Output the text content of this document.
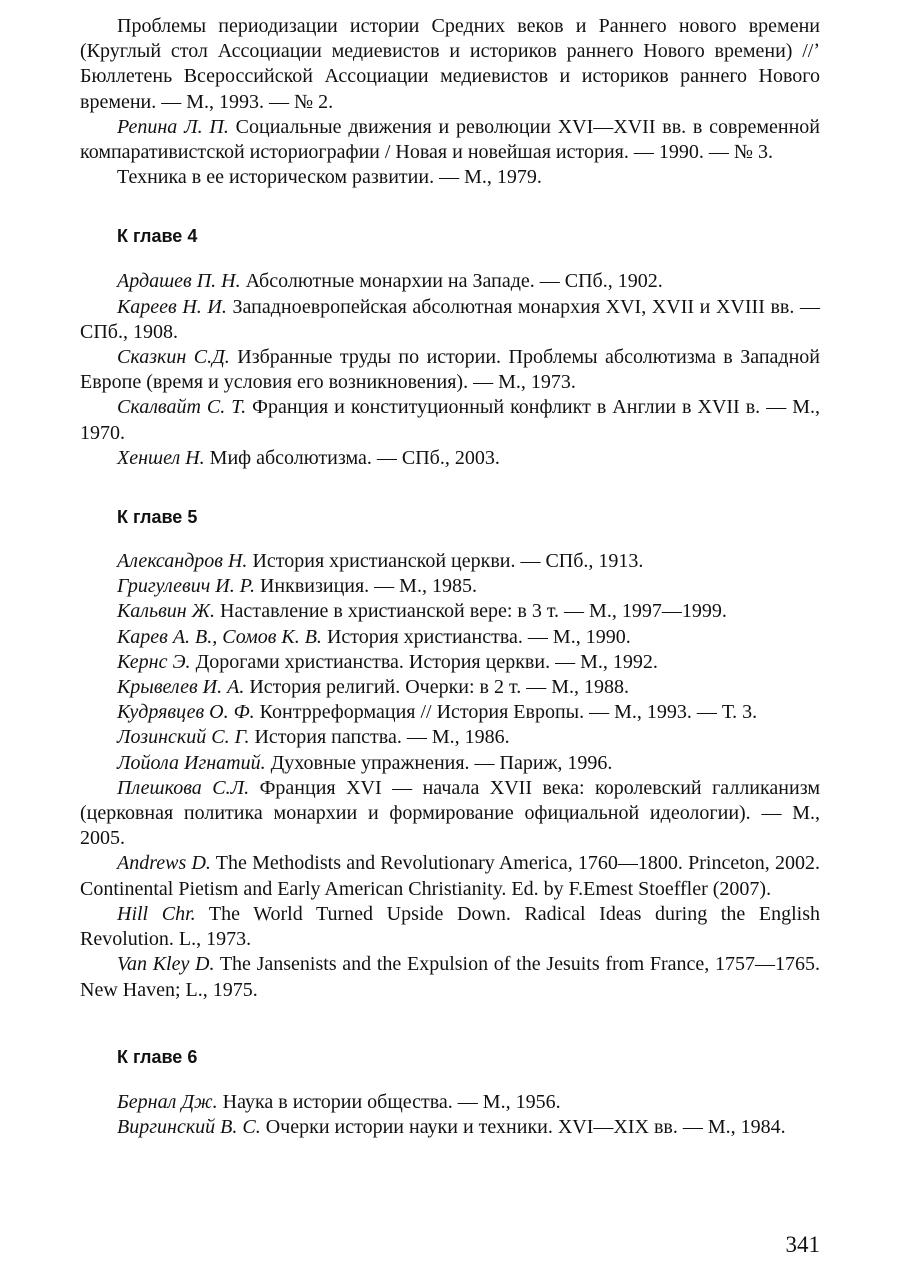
Проблемы периодизации истории Средних веков и Раннего нового времени (Круглый стол Ассоциации медиевистов и историков раннего Нового времени) //ʼ Бюллетень Всероссийской Ассоциации медиевистов и историков раннего Нового времени. — М., 1993. — № 2.

Репина Л. П. Социальные движения и революции XVI—XVII вв. в современной компаративистской историографии / Новая и новейшая история. — 1990. — № 3.

Техника в ее историческом развитии. — М., 1979.

К главе 4

Ардашев П. Н. Абсолютные монархии на Западе. — СПб., 1902.

Кареев Н. И. Западноевропейская абсолютная монархия XVI, XVII и XVIII вв. — СПб., 1908.

Сказкин С.Д. Избранные труды по истории. Проблемы абсолютизма в Западной Европе (время и условия его возникновения). — М., 1973.

Скалвайт С. Т. Франция и конституционный конфликт в Англии в XVII в. — М., 1970.

Хеншел Н. Миф абсолютизма. — СПб., 2003.

К главе 5

Александров Н. История христианской церкви. — СПб., 1913.

Григулевич И. Р. Инквизиция. — М., 1985.

Кальвин Ж. Наставление в христианской вере: в 3 т. — М., 1997—1999.

Карев А. В., Сомов К. В. История христианства. — М., 1990.

Кернс Э. Дорогами христианства. История церкви. — М., 1992.

Крывелев И. А. История религий. Очерки: в 2 т. — М., 1988.

Кудрявцев О. Ф. Контрреформация // История Европы. — М., 1993. — Т. 3.

Лозинский С. Г. История папства. — М., 1986.

Лойола Игнатий. Духовные упражнения. — Париж, 1996.

Плешкова С.Л. Франция XVI — начала XVII века: королевский галликанизм (церковная политика монархии и формирование официальной идеологии). — М., 2005.

Andrews D. The Methodists and Revolutionary America, 1760—1800. Princeton, 2002. Continental Pietism and Early American Christianity. Ed. by F.Emest Stoeffler (2007).

Hill Chr. The World Turned Upside Down. Radical Ideas during the English Revolution. L., 1973.

Van Kley D. The Jansenists and the Expulsion of the Jesuits from France, 1757—1765. New Haven; L., 1975.

К главе 6

Бернал Дж. Наука в истории общества. — М., 1956.

Виргинский В. С. Очерки истории науки и техники. XVI—XIX вв. — М., 1984.

341
